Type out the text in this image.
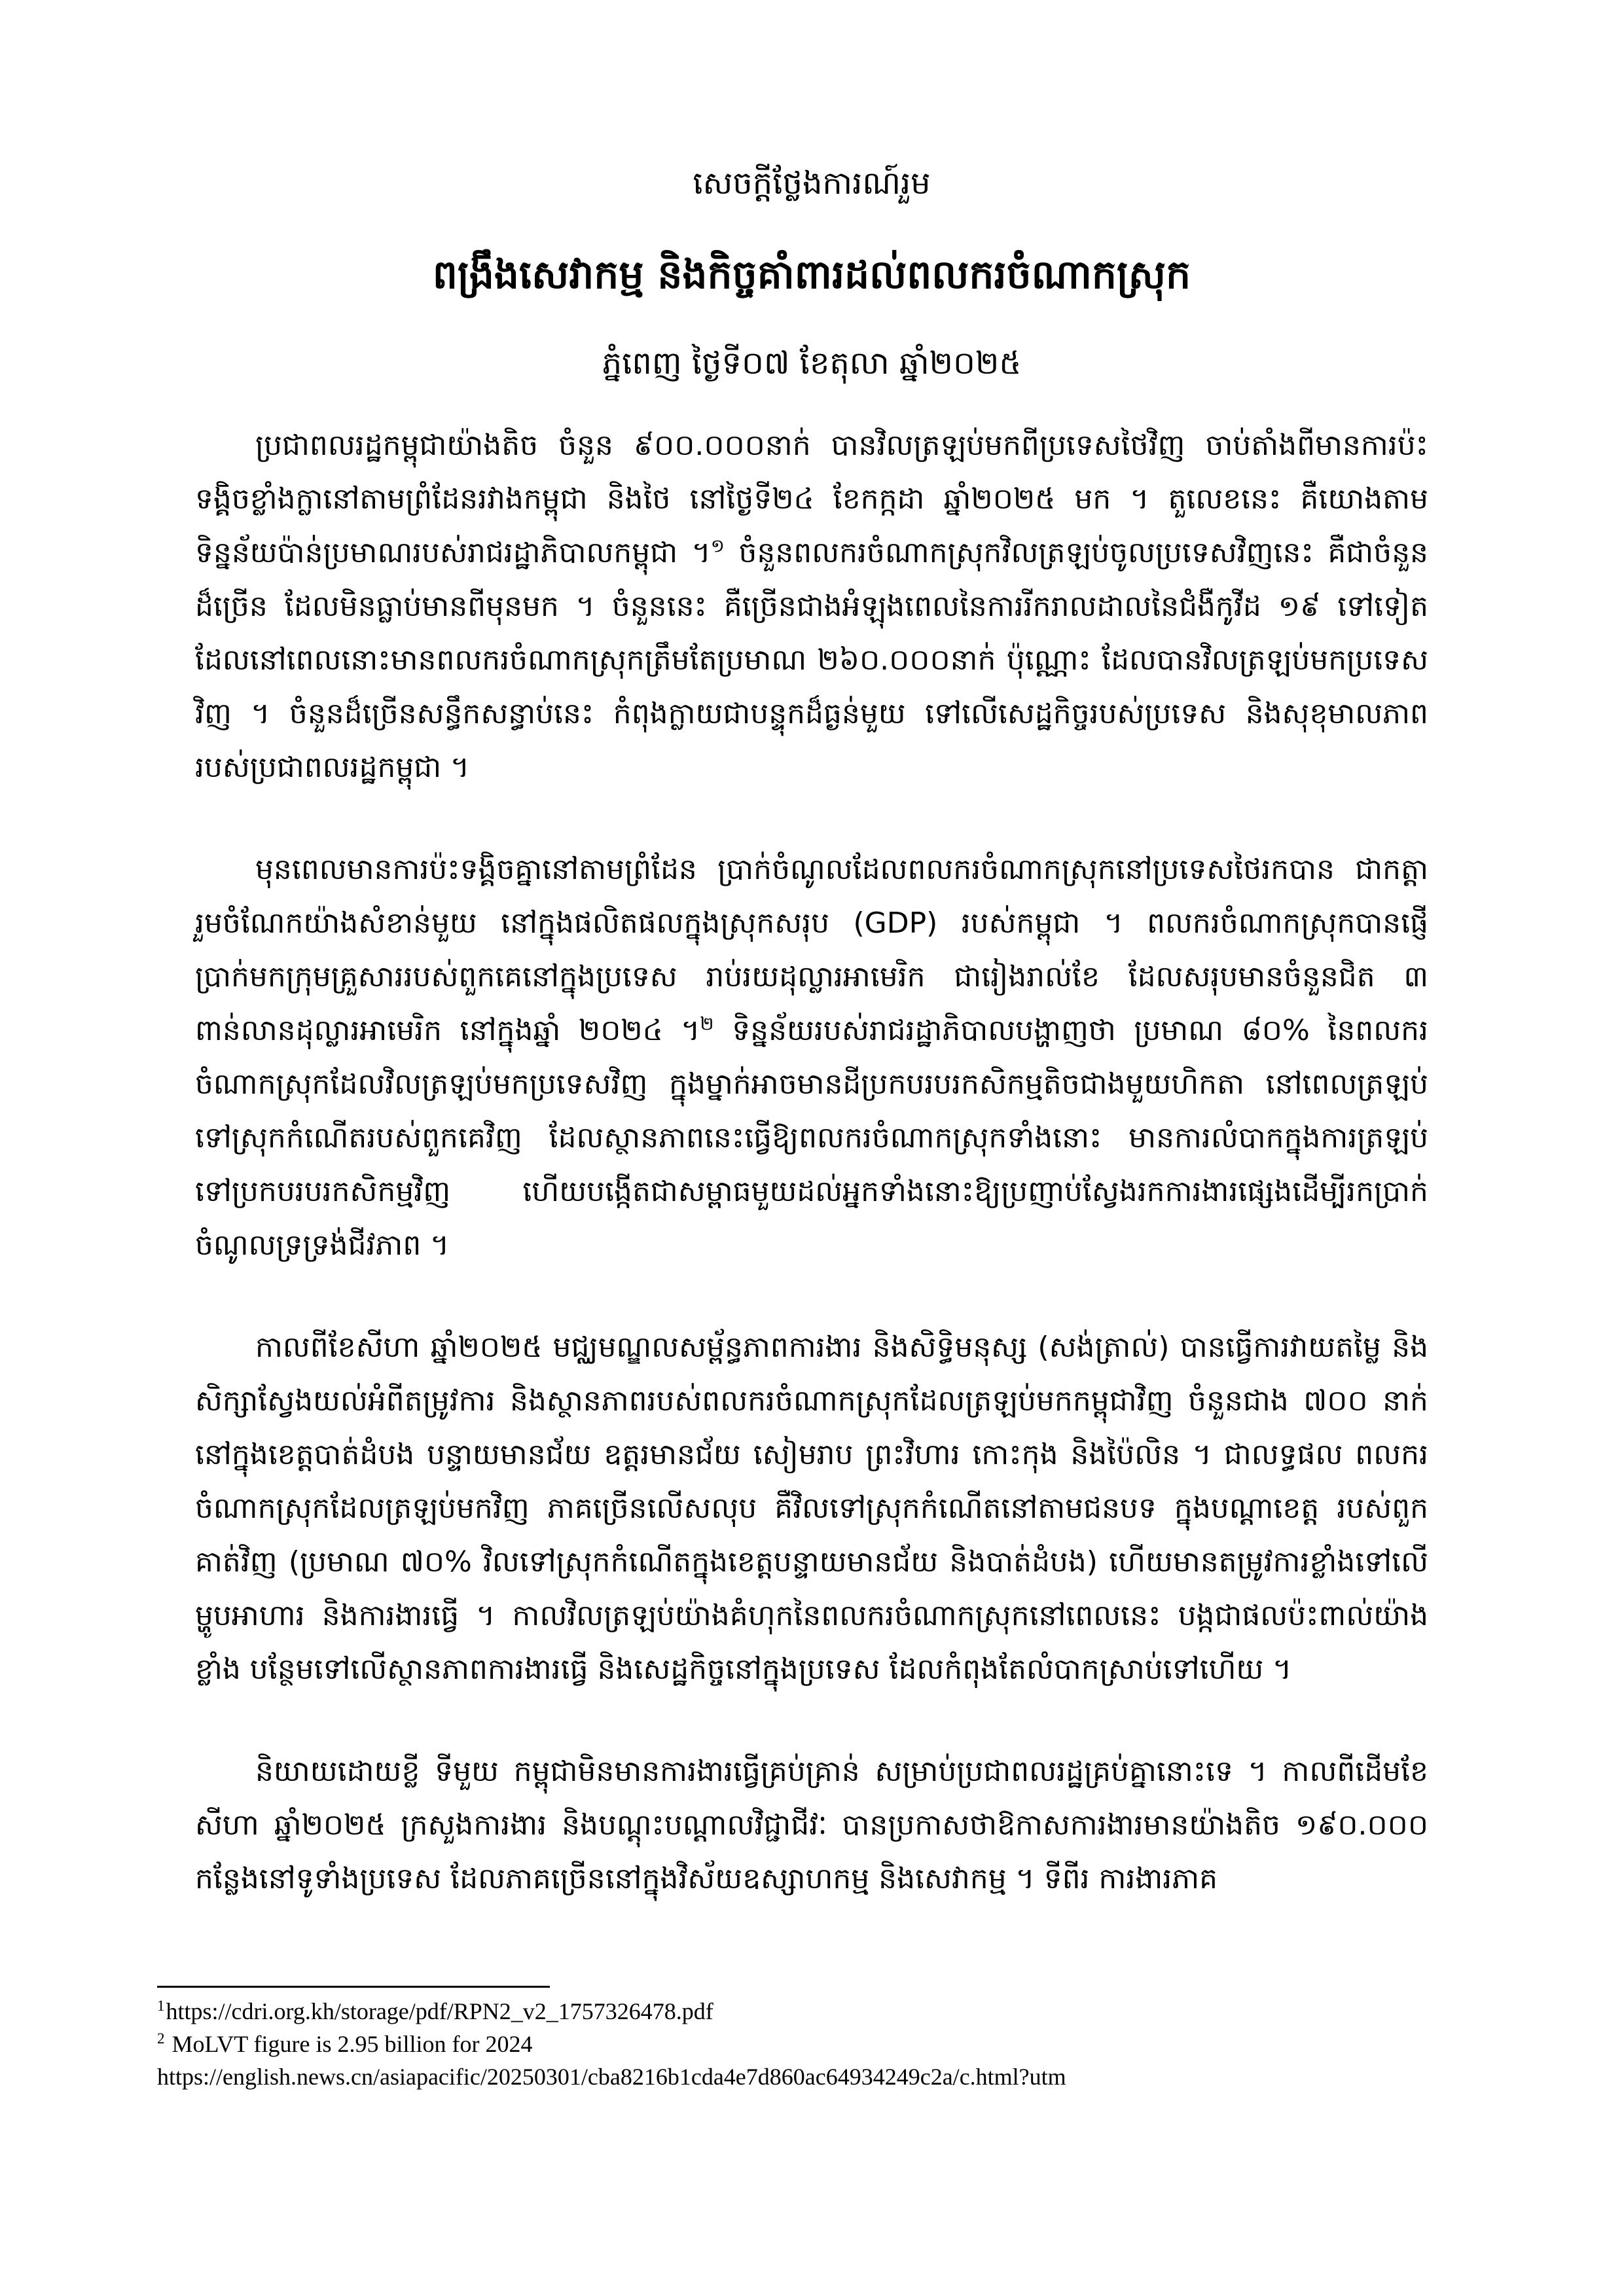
សេចក្ដីថ្លែងការណ៍រួម
ពង្រឹងសេវាកម្ម និងកិច្ចគាំពារដល់ពលករចំណាកស្រុក
ភ្នំពេញ ថ្ងៃទី០៧ ខែតុលា ឆ្នាំ២០២៥

ប្រជាពលរដ្ឋកម្ពុជាយ៉ាងតិច ចំនួន ៩០០.០០០នាក់ បានវិលត្រឡប់មកពីប្រទេសថៃវិញ ចាប់តាំងពីមានការប៉ះទង្គិចខ្លាំងក្លានៅតាមព្រំដែនរវាងកម្ពុជា និងថៃ នៅថ្ងៃទី២៤ ខែកក្កដា ឆ្នាំ២០២៥ មក ។ តួលេខនេះ គឺយោងតាមទិន្នន័យប៉ាន់ប្រមាណរបស់រាជរដ្ឋាភិបាលកម្ពុជា ។$^១$ ចំនួនពលករចំណាកស្រុកវិលត្រឡប់ចូលប្រទេសវិញនេះ គឺជាចំនួនដ៏ច្រើន ដែលមិនធ្លាប់មានពីមុនមក ។ ចំនួននេះ គឺច្រើនជាងអំឡុងពេលនៃការរីករាលដាលនៃជំងឺកូវីដ ១៩ ទៅទៀត ដែលនៅពេលនោះមានពលករចំណាកស្រុកត្រឹមតែប្រមាណ ២៦០.០០០នាក់ ប៉ុណ្ណោះ ដែលបានវិលត្រឡប់មកប្រទេសវិញ ។ ចំនួនដ៏ច្រើនសន្ធឹកសន្ធាប់នេះ កំពុងក្លាយជាបន្ទុកដ៏ធ្ងន់មួយ ទៅលើសេដ្ឋកិច្ចរបស់ប្រទេស និងសុខុមាលភាពរបស់ប្រជាពលរដ្ឋកម្ពុជា ។

មុនពេលមានការប៉ះទង្គិចគ្នានៅតាមព្រំដែន ប្រាក់ចំណូលដែលពលករចំណាកស្រុកនៅប្រទេសថៃរកបាន ជាកត្តារួមចំណែកយ៉ាងសំខាន់មួយ នៅក្នុងផលិតផលក្នុងស្រុកសរុប (GDP) របស់កម្ពុជា ។ ពលករចំណាកស្រុកបានផ្ញើប្រាក់មកក្រុមគ្រួសាររបស់ពួកគេនៅក្នុងប្រទេស រាប់រយដុល្លារអាមេរិក ជារៀងរាល់ខែ ដែលសរុបមានចំនួនជិត ៣ ពាន់លានដុល្លារអាមេរិក នៅក្នុងឆ្នាំ ២០២៤ ។$^២$ ទិន្នន័យរបស់រាជរដ្ឋាភិបាលបង្ហាញថា ប្រមាណ ៨០% នៃពលករចំណាកស្រុកដែលវិលត្រឡប់មកប្រទេសវិញ ក្នុងម្នាក់អាចមានដីប្រកបរបរកសិកម្មតិចជាងមួយហិកតា នៅពេលត្រឡប់ទៅស្រុកកំណើតរបស់ពួកគេវិញ ដែលស្ថានភាពនេះធ្វើឱ្យពលករចំណាកស្រុកទាំងនោះ មានការលំបាកក្នុងការត្រឡប់ទៅប្រកបរបរកសិកម្មវិញ ហើយបង្កើតជាសម្ពាធមួយដល់អ្នកទាំងនោះឱ្យប្រញាប់ស្វែងរកការងារផ្សេងដើម្បីរកប្រាក់ចំណូលទ្រទ្រង់ជីវភាព ។

កាលពីខែសីហា ឆ្នាំ២០២៥ មជ្ឈមណ្ឌលសម្ព័ន្ធភាពការងារ និងសិទ្ធិមនុស្ស (សង់ត្រាល់) បានធ្វើការវាយតម្លៃ និងសិក្សាស្វែងយល់អំពីតម្រូវការ និងស្ថានភាពរបស់ពលករចំណាកស្រុកដែលត្រឡប់មកកម្ពុជាវិញ ចំនួនជាង ៧០០ នាក់ នៅក្នុងខេត្តបាត់ដំបង បន្ទាយមានជ័យ ឧត្ដរមានជ័យ សៀមរាប ព្រះវិហារ កោះកុង និងប៉ៃលិន ។ ជាលទ្ធផល ពលករចំណាកស្រុកដែលត្រឡប់មកវិញ ភាគច្រើនលើសលុប គឺវិលទៅស្រុកកំណើតនៅតាមជនបទ ក្នុងបណ្ដាខេត្ត របស់ពួកគាត់វិញ (ប្រមាណ ៧០% វិលទៅស្រុកកំណើតក្នុងខេត្តបន្ទាយមានជ័យ និងបាត់ដំបង) ហើយមានតម្រូវការខ្លាំងទៅលើម្ហូបអាហារ និងការងារធ្វើ ។ កាលវិលត្រឡប់យ៉ាងគំហុកនៃពលករចំណាកស្រុកនៅពេលនេះ បង្កជាផលប៉ះពាល់យ៉ាងខ្លាំង បន្ថែមទៅលើស្ថានភាពការងារធ្វើ និងសេដ្ឋកិច្ចនៅក្នុងប្រទេស ដែលកំពុងតែលំបាកស្រាប់ទៅហើយ ។

និយាយដោយខ្លី ទីមួយ កម្ពុជាមិនមានការងារធ្វើគ្រប់គ្រាន់ សម្រាប់ប្រជាពលរដ្ឋគ្រប់គ្នានោះទេ ។ កាលពីដើមខែសីហា ឆ្នាំ២០២៥ ក្រសួងការងារ និងបណ្ដុះបណ្ដាលវិជ្ជាជីវៈ បានប្រកាសថាឱកាសការងារមានយ៉ាងតិច ១៩០.០០០ កន្លែងនៅទូទាំងប្រទេស ដែលភាគច្រើននៅក្នុងវិស័យឧស្សាហកម្ម និងសេវាកម្ម ។ ទីពីរ ការងារភាគ

$^1$https://cdri.org.kh/storage/pdf/RPN2_v2_1757326478.pdf
$^2$ MoLVT figure is 2.95 billion for 2024
https://english.news.cn/asiapacific/20250301/cba8216b1cda4e7d860ac64934249c2a/c.html?utm
